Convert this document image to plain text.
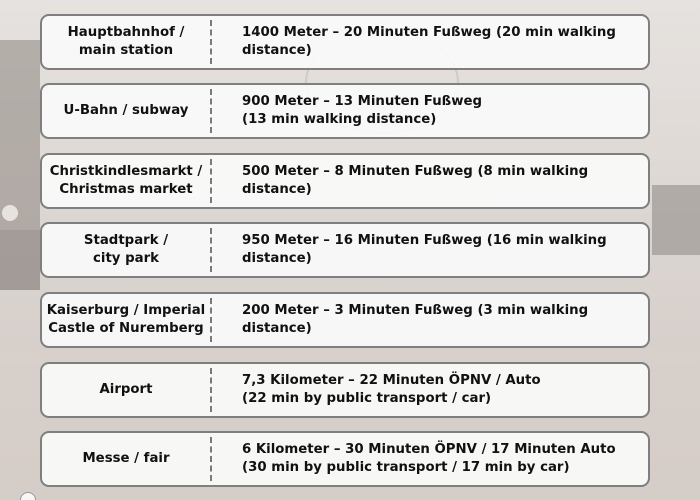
Hauptbahnhof /
main station
1400 Meter – 20 Minuten Fußweg (20 min walking distance)
U-Bahn / subway
900 Meter – 13 Minuten Fußweg
(13 min walking distance)
Christkindlesmarkt /
Christmas market
500 Meter – 8 Minuten Fußweg (8 min walking distance)
Stadtpark /
city park
950 Meter – 16 Minuten Fußweg (16 min walking distance)
Kaiserburg / Imperial
Castle of Nuremberg
200 Meter – 3 Minuten Fußweg (3 min walking distance)
Airport
7,3 Kilometer – 22 Minuten ÖPNV / Auto
(22 min by public transport / car)
Messe / fair
6 Kilometer – 30 Minuten ÖPNV / 17 Minuten Auto
(30 min by public transport / 17 min by car)
